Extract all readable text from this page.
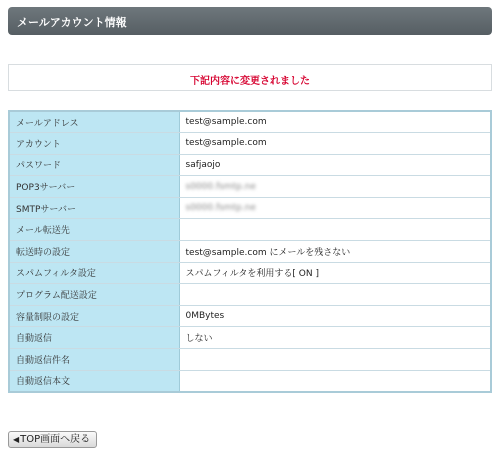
メールアカウント情報
下記内容に変更されました
メールアドレス	test@sample.com
アカウント	test@sample.com
パスワード	safjaojo
POP3サーバー	s0000.fsmtp.ne
SMTPサーバー	s0000.fsmtp.ne
メール転送先	
転送時の設定	test@sample.com にメールを残さない
スパムフィルタ設定	スパムフィルタを利用する[ ON ]
プログラム配送設定	
容量制限の設定	0MBytes
自動返信	しない
自動返信件名	
自動返信本文	
◀TOP画面へ戻る
